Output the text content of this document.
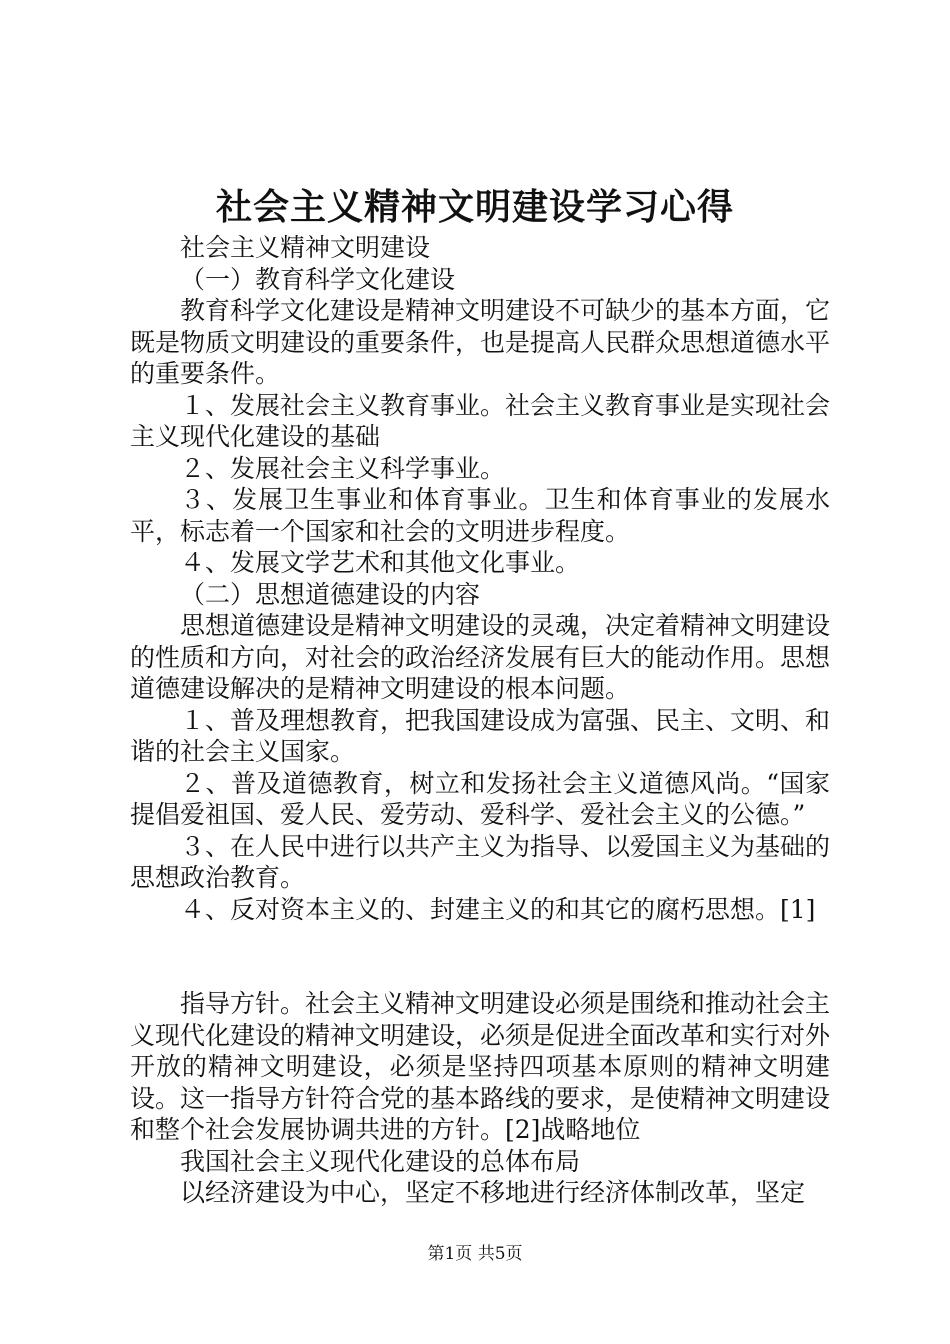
社会主义精神文明建设学习心得

社会主义精神文明建设

（一）教育科学文化建设

教育科学文化建设是精神文明建设不可缺少的基本方面，它既是物质文明建设的重要条件，也是提高人民群众思想道德水平的重要条件。

１、发展社会主义教育事业。社会主义教育事业是实现社会主义现代化建设的基础

２、发展社会主义科学事业。

３、发展卫生事业和体育事业。卫生和体育事业的发展水平，标志着一个国家和社会的文明进步程度。

４、发展文学艺术和其他文化事业。

（二）思想道德建设的内容

思想道德建设是精神文明建设的灵魂，决定着精神文明建设的性质和方向，对社会的政治经济发展有巨大的能动作用。思想道德建设解决的是精神文明建设的根本问题。

１、普及理想教育，把我国建设成为富强、民主、文明、和谐的社会主义国家。

２、普及道德教育，树立和发扬社会主义道德风尚。“国家提倡爱祖国、爱人民、爱劳动、爱科学、爱社会主义的公德。”

３、在人民中进行以共产主义为指导、以爱国主义为基础的思想政治教育。

４、反对资本主义的、封建主义的和其它的腐朽思想。[1]

指导方针。社会主义精神文明建设必须是围绕和推动社会主义现代化建设的精神文明建设，必须是促进全面改革和实行对外开放的精神文明建设，必须是坚持四项基本原则的精神文明建设。这一指导方针符合党的基本路线的要求，是使精神文明建设和整个社会发展协调共进的方针。[2]战略地位

我国社会主义现代化建设的总体布局

以经济建设为中心，坚定不移地进行经济体制改革，坚定

第1页 共5页
